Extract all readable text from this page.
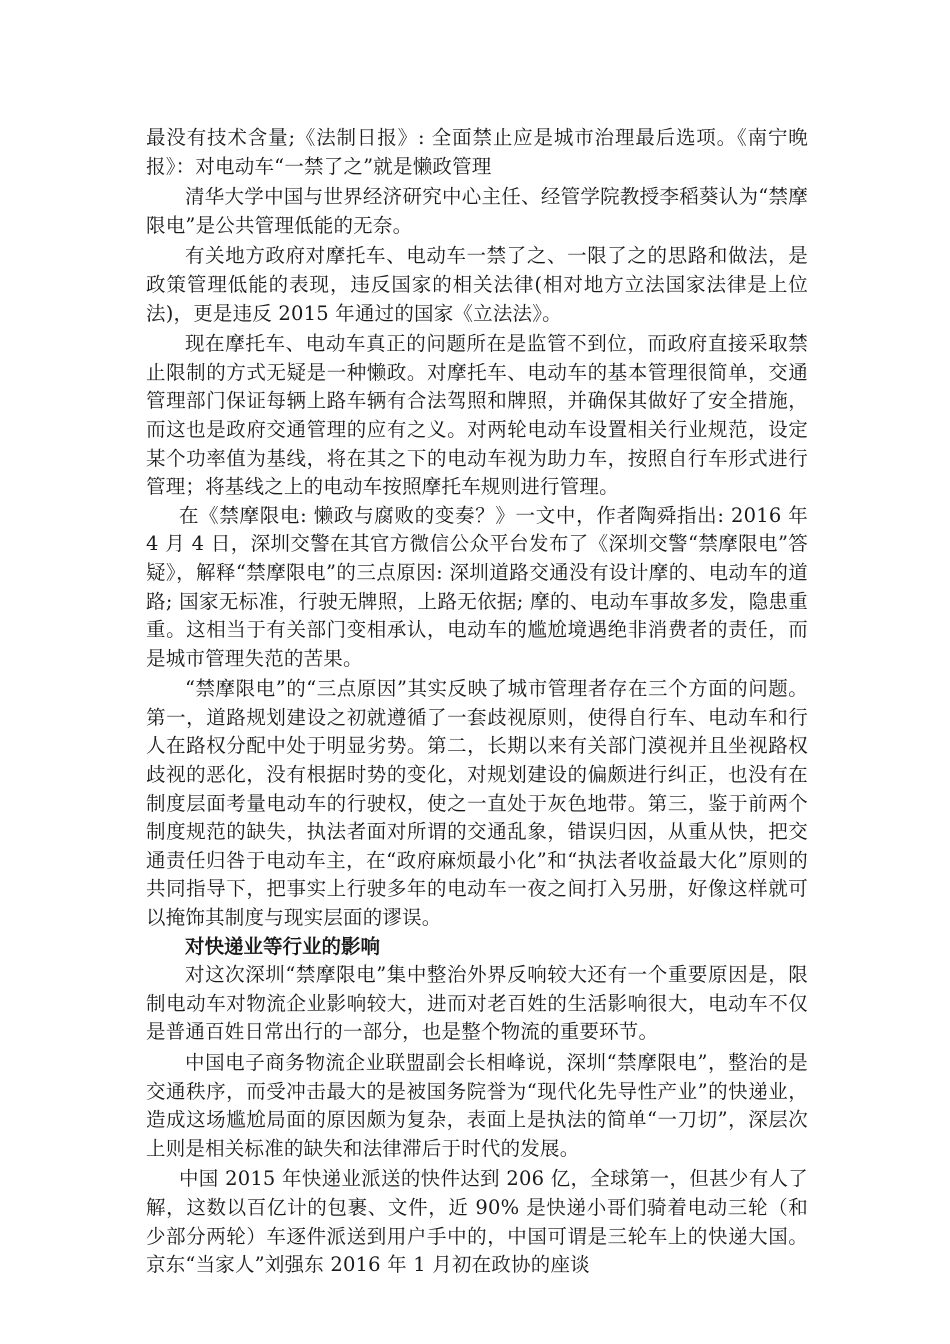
最没有技术含量;《法制日报》: 全面禁止应是城市治理最后选项。《南宁晚报》：对电动车“一禁了之”就是懒政管理

清华大学中国与世界经济研究中心主任、经管学院教授李稻葵认为“禁摩限电”是公共管理低能的无奈。

有关地方政府对摩托车、电动车一禁了之、一限了之的思路和做法，是政策管理低能的表现，违反国家的相关法律(相对地方立法国家法律是上位法)，更是违反 2015 年通过的国家《立法法》。

现在摩托车、电动车真正的问题所在是监管不到位，而政府直接采取禁止限制的方式无疑是一种懒政。对摩托车、电动车的基本管理很简单，交通管理部门保证每辆上路车辆有合法驾照和牌照，并确保其做好了安全措施，而这也是政府交通管理的应有之义。对两轮电动车设置相关行业规范，设定某个功率值为基线，将在其之下的电动车视为助力车，按照自行车形式进行管理；将基线之上的电动车按照摩托车规则进行管理。

在《禁摩限电: 懒政与腐败的变奏？》一文中，作者陶舜指出: 2016 年 4 月 4 日，深圳交警在其官方微信公众平台发布了《深圳交警“禁摩限电”答疑》，解释“禁摩限电”的三点原因: 深圳道路交通没有设计摩的、电动车的道路; 国家无标准，行驶无牌照，上路无依据; 摩的、电动车事故多发，隐患重重。这相当于有关部门变相承认，电动车的尴尬境遇绝非消费者的责任，而是城市管理失范的苦果。

“禁摩限电”的“三点原因”其实反映了城市管理者存在三个方面的问题。第一，道路规划建设之初就遵循了一套歧视原则，使得自行车、电动车和行人在路权分配中处于明显劣势。第二，长期以来有关部门漠视并且坐视路权歧视的恶化，没有根据时势的变化，对规划建设的偏颇进行纠正，也没有在制度层面考量电动车的行驶权，使之一直处于灰色地带。第三，鉴于前两个制度规范的缺失，执法者面对所谓的交通乱象，错误归因，从重从快，把交通责任归咎于电动车主，在“政府麻烦最小化”和“执法者收益最大化”原则的共同指导下，把事实上行驶多年的电动车一夜之间打入另册，好像这样就可以掩饰其制度与现实层面的谬误。

对快递业等行业的影响

对这次深圳“禁摩限电”集中整治外界反响较大还有一个重要原因是，限制电动车对物流企业影响较大，进而对老百姓的生活影响很大，电动车不仅是普通百姓日常出行的一部分，也是整个物流的重要环节。

中国电子商务物流企业联盟副会长相峰说，深圳“禁摩限电”，整治的是交通秩序，而受冲击最大的是被国务院誉为“现代化先导性产业”的快递业，造成这场尴尬局面的原因颇为复杂，表面上是执法的简单“一刀切”，深层次上则是相关标准的缺失和法律滞后于时代的发展。

中国 2015 年快递业派送的快件达到 206 亿，全球第一，但甚少有人了解，这数以百亿计的包裹、文件，近 90% 是快递小哥们骑着电动三轮（和少部分两轮）车逐件派送到用户手中的，中国可谓是三轮车上的快递大国。京东“当家人”刘强东 2016 年 1 月初在政协的座谈
